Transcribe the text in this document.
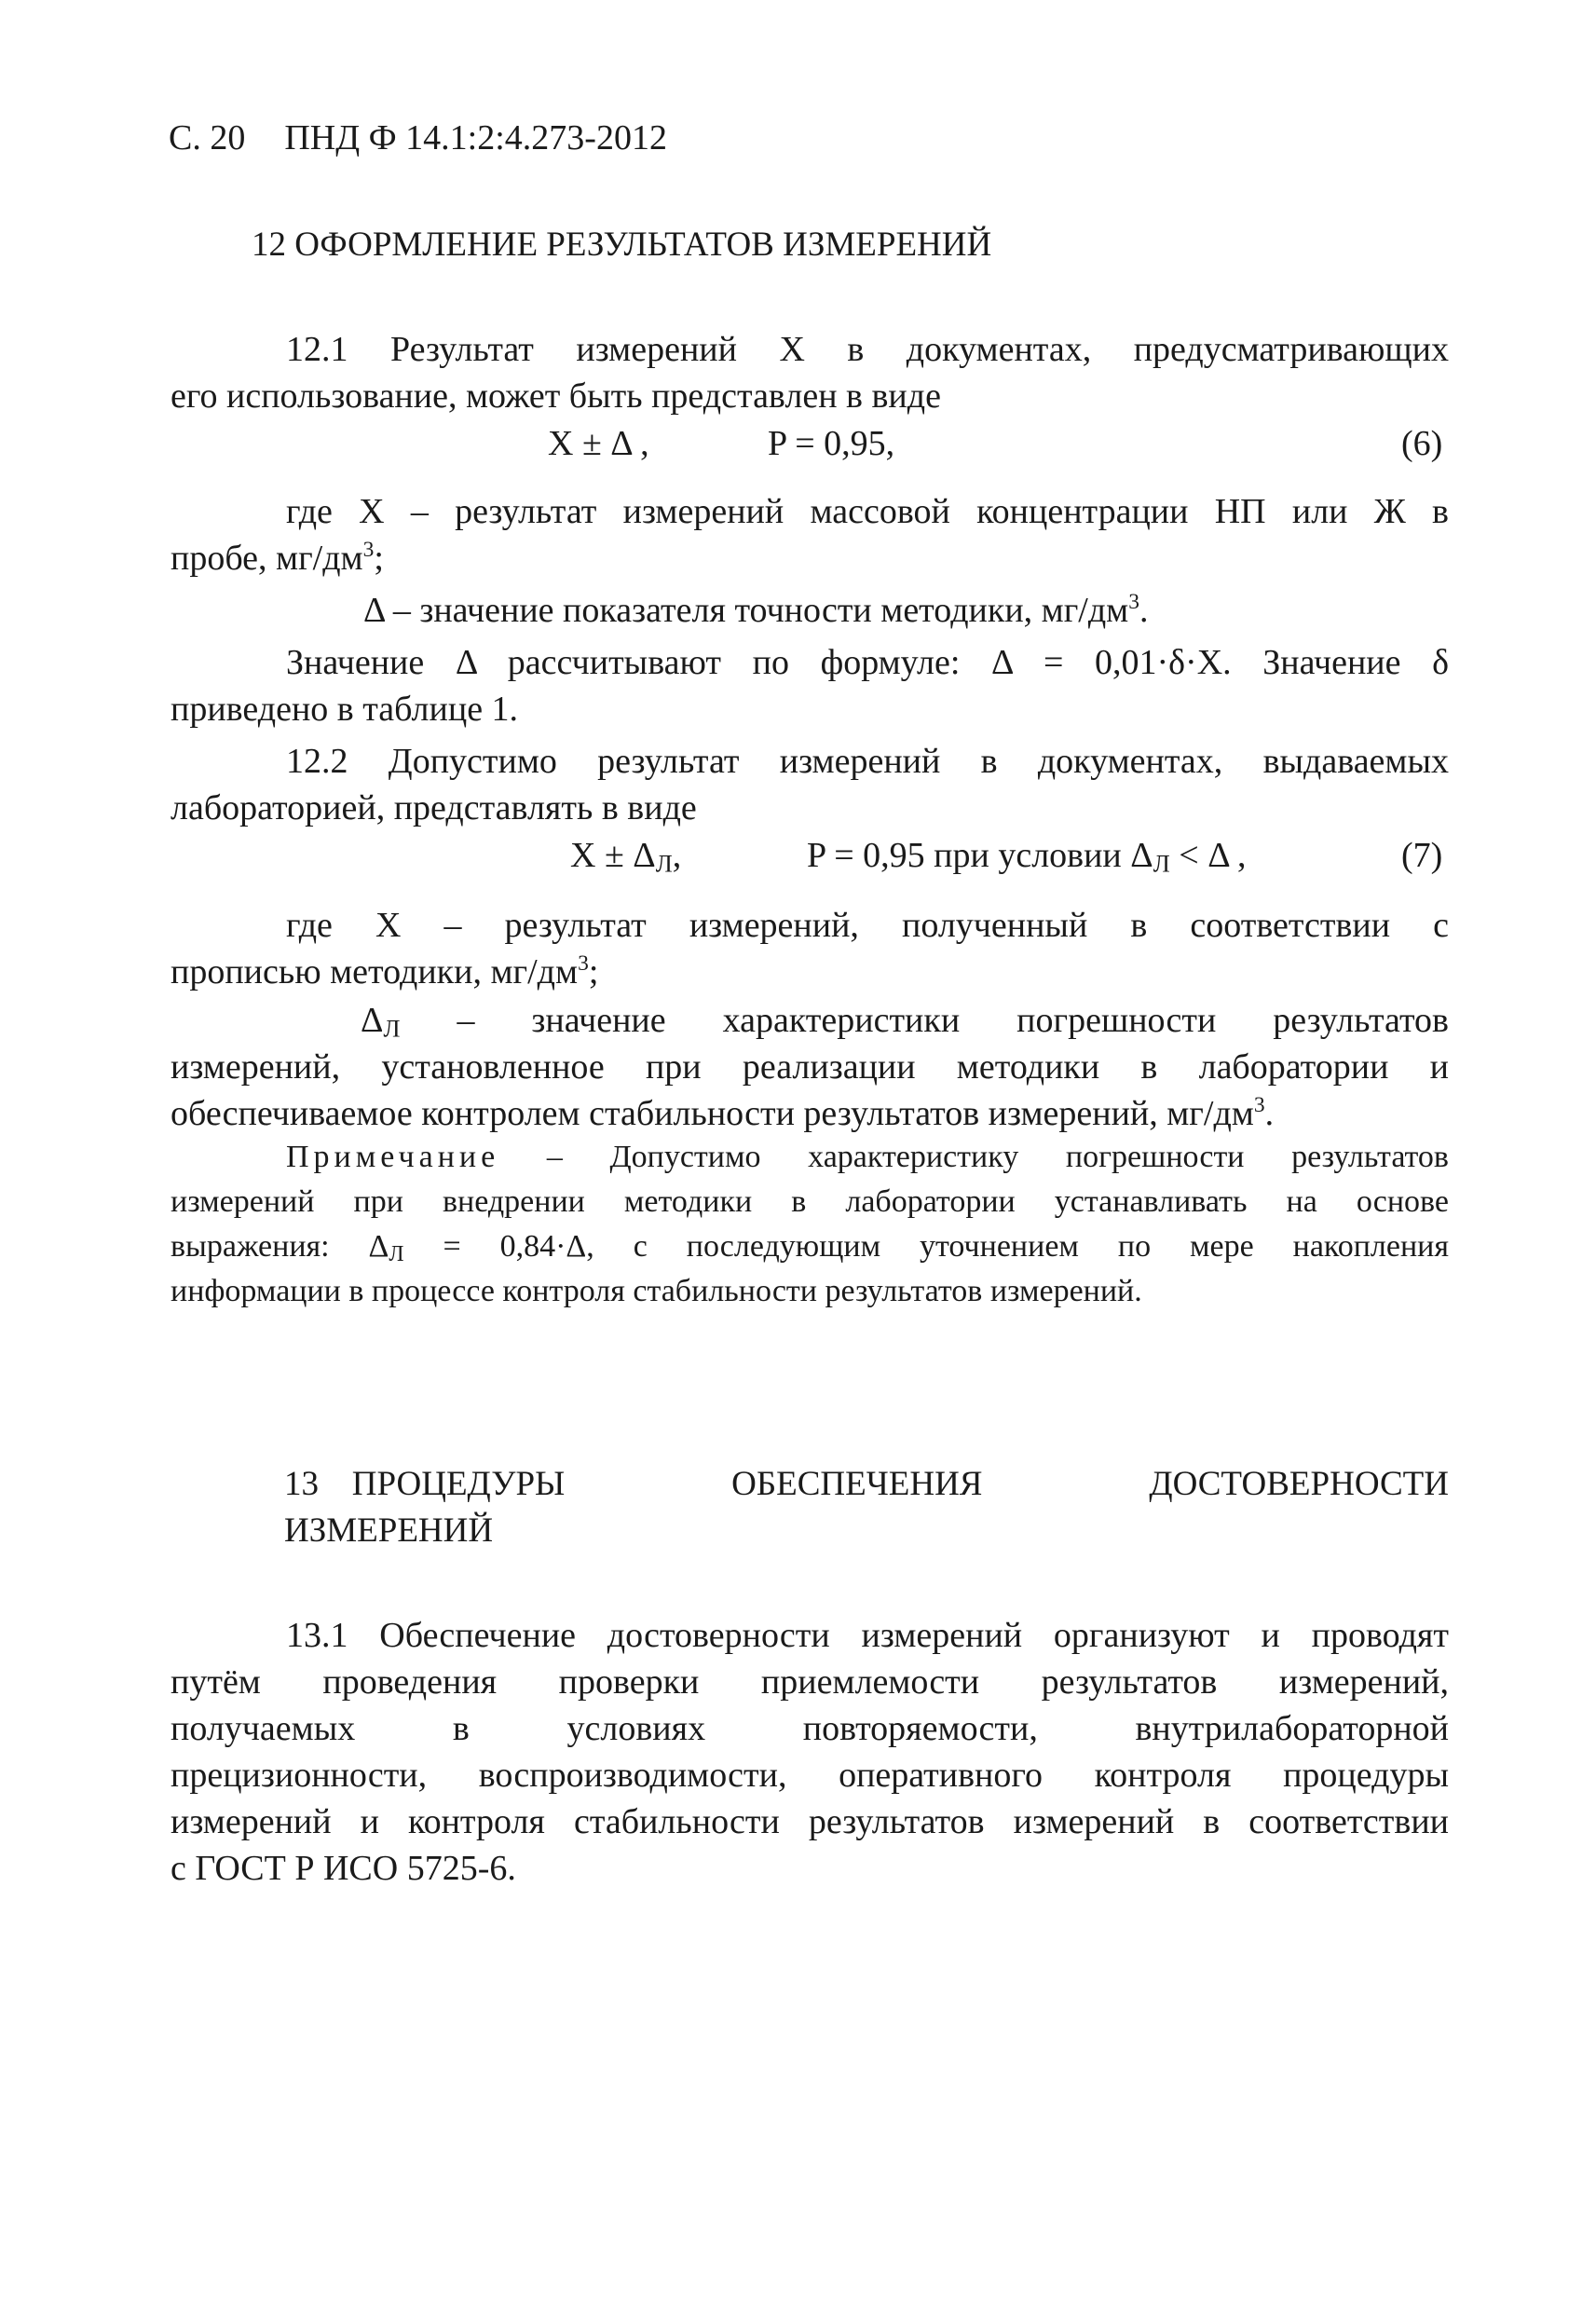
С. 20 ПНД Ф 14.1:2:4.273-2012
12 ОФОРМЛЕНИЕ РЕЗУЛЬТАТОВ ИЗМЕРЕНИЙ
12.1 Результат измерений X в документах, предусматривающих
его использование, может быть представлен в виде
X ± Δ ,	P = 0,95,	(6)
где X – результат измерений массовой концентрации НП или Ж в
пробе, $мг/дм^3$;
Δ – значение показателя точности методики, $мг/дм^3$.
Значение Δ рассчитывают по формуле: Δ = 0,01·δ·X. Значение δ
приведено в таблице 1.
12.2 Допустимо результат измерений в документах, выдаваемых
лабораторией, представлять в виде
$X \pm \Delta_Л$,	P = 0,95 при условии $\Delta_Л < \Delta$ ,	(7)
где X – результат измерений, полученный в соответствии с
прописью методики, $мг/дм^3$;
$\Delta_Л$ – значение характеристики погрешности результатов
измерений, установленное при реализации методики в лаборатории и
обеспечиваемое контролем стабильности результатов измерений, $мг/дм^3$.
Примечание – Допустимо характеристику погрешности результатов
измерений при внедрении методики в лаборатории устанавливать на основе
выражения: $\Delta_Л = 0,84\cdot\Delta$, с последующим уточнением по мере накопления
информации в процессе контроля стабильности результатов измерений.
13  ПРОЦЕДУРЫ          ОБЕСПЕЧЕНИЯ          ДОСТОВЕРНОСТИ
ИЗМЕРЕНИЙ
13.1 Обеспечение достоверности измерений организуют и проводят
путём проведения проверки приемлемости результатов измерений,
получаемых в условиях повторяемости, внутрилабораторной
прецизионности, воспроизводимости, оперативного контроля процедуры
измерений и контроля стабильности результатов измерений в соответствии
с ГОСТ Р ИСО 5725-6.
